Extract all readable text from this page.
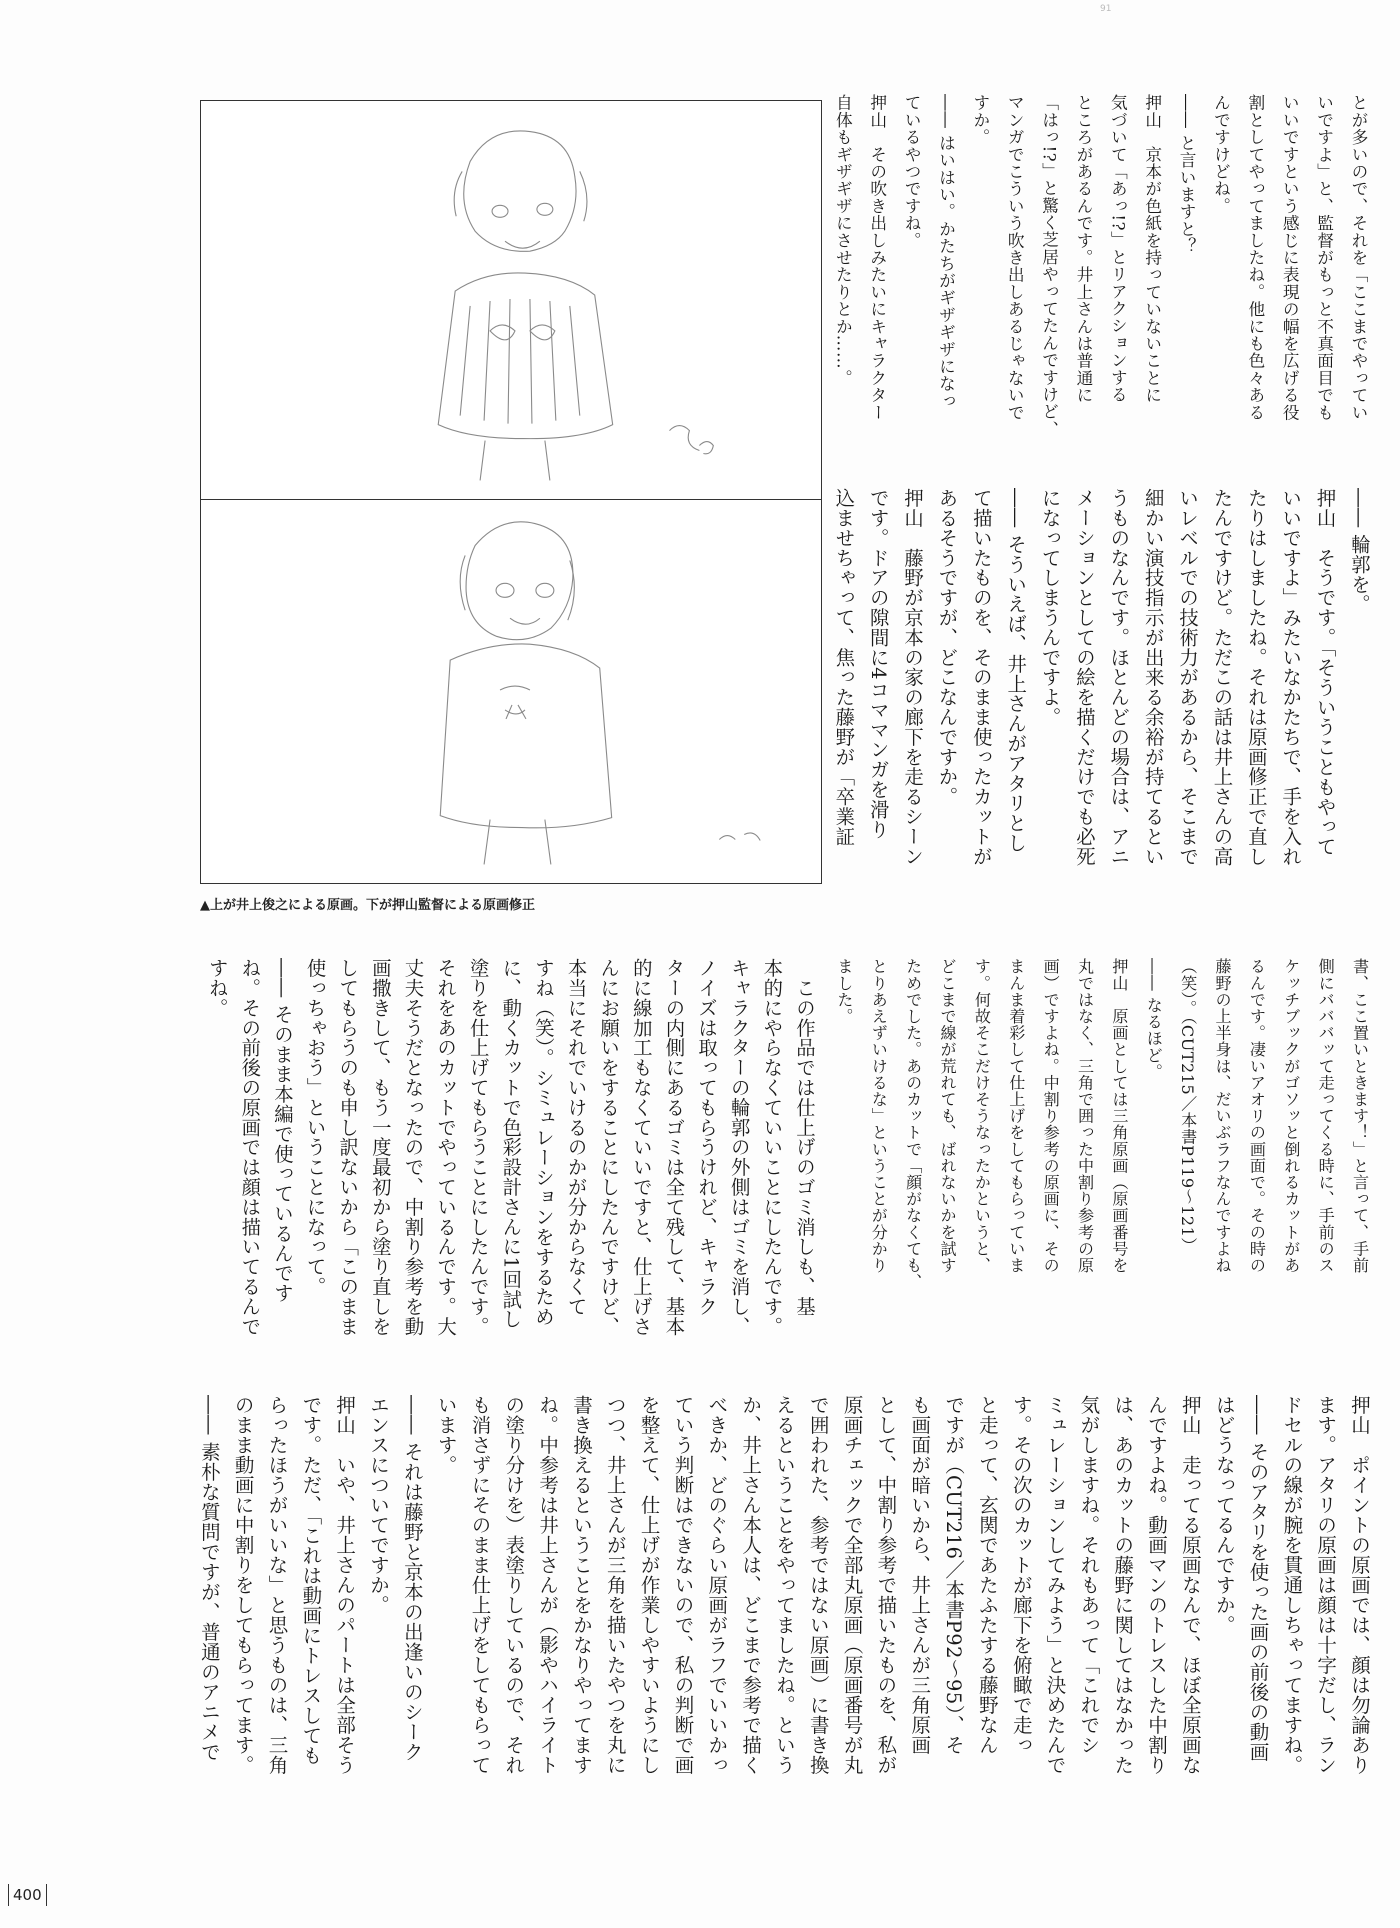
91
▲上が井上俊之による原画。下が押山監督による原画修正
400
とが多いので、それを「ここまでやってい
いですよ」と、監督がもっと不真面目でも
いいですという感じに表現の幅を広げる役
割としてやってましたね。他にも色々ある
んですけどね。
―― と言いますと？
押山　京本が色紙を持っていないことに
気づいて「あっ!?」とリアクションする
ところがあるんです。井上さんは普通に
「はっ!?」と驚く芝居やってたんですけど、
マンガでこういう吹き出しあるじゃないで
すか。
―― はいはい。かたちがギザギザになっ
ているやつですね。
押山　その吹き出しみたいにキャラクター
自体もギザギザにさせたりとか……。
―― 輪郭を。
押山　そうです。「そういうこともやって
いいですよ」みたいなかたちで、手を入れ
たりはしましたね。それは原画修正で直し
たんですけど。ただこの話は井上さんの高
いレベルでの技術力があるから、そこまで
細かい演技指示が出来る余裕が持てるとい
うものなんです。ほとんどの場合は、アニ
メーションとしての絵を描くだけでも必死
になってしまうんですよ。
―― そういえば、井上さんがアタリとし
て描いたものを、そのまま使ったカットが
あるそうですが、どこなんですか。
押山　藤野が京本の家の廊下を走るシーン
です。ドアの隙間に4コママンガを滑り
込ませちゃって、焦った藤野が「卒業証
書、ここ置いときます！」と言って、手前
側にバババッて走ってくる時に、手前のス
ケッチブックがゴソッと倒れるカットがあ
るんです。凄いアオリの画面で。その時の
藤野の上半身は、だいぶラフなんですよね
（笑）。（CUT215／本書P119～121）
―― なるほど。
押山　原画としては三角原画（原画番号を
丸ではなく、三角で囲った中割り参考の原
画）ですよね。中割り参考の原画に、その
まんま着彩して仕上げをしてもらっていま
す。何故そこだけそうなったかというと、
どこまで線が荒れても、ばれないかを試す
ためでした。あのカットで「顔がなくても、
とりあえずいけるな」ということが分かり
ました。
　この作品では仕上げのゴミ消しも、基
本的にやらなくていいことにしたんです。
キャラクターの輪郭の外側はゴミを消し、
ノイズは取ってもらうけれど、キャラク
ターの内側にあるゴミは全て残して、基本
的に線加工もなくていいですと、仕上げさ
んにお願いをすることにしたんですけど、
本当にそれでいけるのかが分からなくて
すね（笑）。シミュレーションをするため
に、動くカットで色彩設計さんに1回試し
塗りを仕上げてもらうことにしたんです。
それをあのカットでやっているんです。大
丈夫そうだとなったので、中割り参考を動
画撒きして、もう一度最初から塗り直しを
してもらうのも申し訳ないから「このまま
使っちゃおう」ということになって。
―― そのまま本編で使っているんです
ね。その前後の原画では顔は描いてるんで
すね。
押山　ポイントの原画では、顔は勿論あり
ます。アタリの原画は顔は十字だし、ラン
ドセルの線が腕を貫通しちゃってますね。
―― そのアタリを使った画の前後の動画
はどうなってるんですか。
押山　走ってる原画なんで、ほぼ全原画な
んですよね。動画マンのトレスした中割り
は、あのカットの藤野に関してはなかった
気がしますね。それもあって「これでシ
ミュレーションしてみよう」と決めたんで
す。その次のカットが廊下を俯瞰で走っ
と走って、玄関であたふたする藤野なん
ですが（CUT216／本書P92～95）、そ
も画面が暗いから、井上さんが三角原画
として、中割り参考で描いたものを、私が
原画チェックで全部丸原画（原画番号が丸
で囲われた、参考ではない原画）に書き換
えるということをやってましたね。という
か、井上さん本人は、どこまで参考で描く
べきか、どのぐらい原画がラフでいいかっ
ていう判断はできないので、私の判断で画
を整えて、仕上げが作業しやすいようにし
つつ、井上さんが三角を描いたやつを丸に
書き換えるということをかなりやってます
ね。中参考は井上さんが（影やハイライト
の塗り分けを）表塗りしているので、それ
も消さずにそのまま仕上げをしてもらって
います。
―― それは藤野と京本の出逢いのシーク
エンスについてですか。
押山　いや、井上さんのパートは全部そう
です。ただ、「これは動画にトレスしても
らったほうがいいな」と思うものは、三角
のまま動画に中割りをしてもらってます。
―― 素朴な質問ですが、普通のアニメで
